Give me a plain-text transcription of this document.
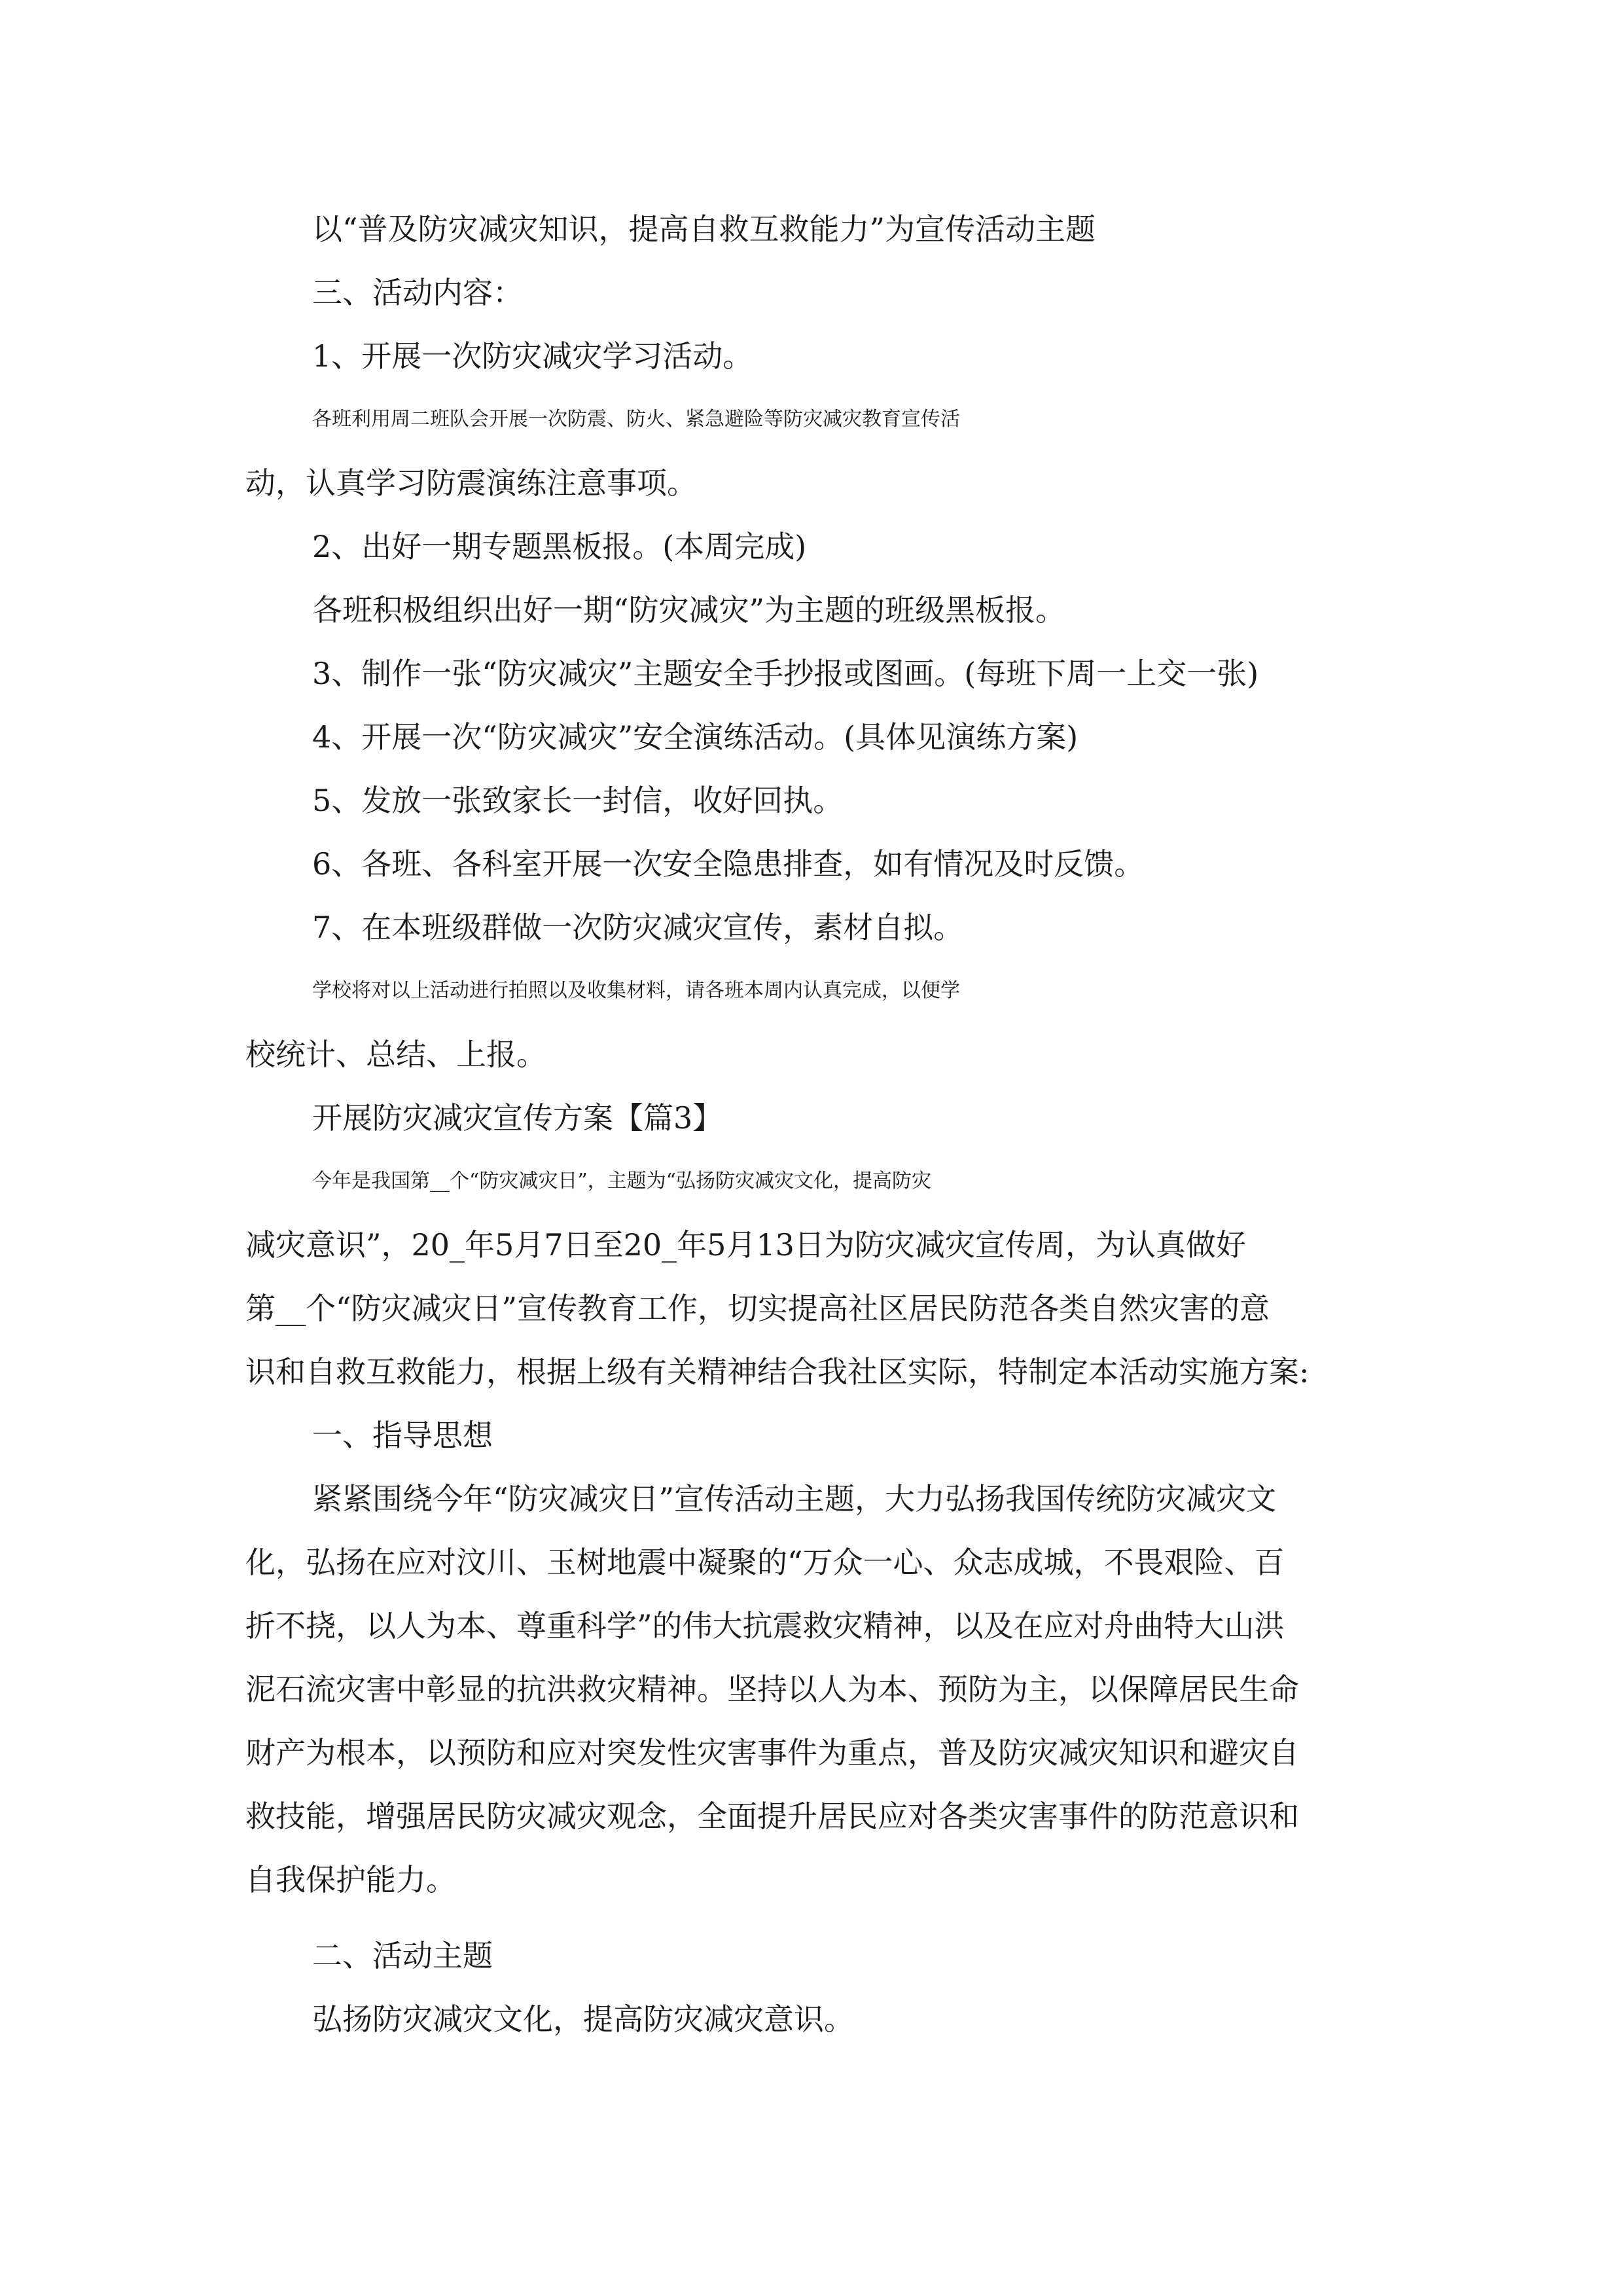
以“普及防灾减灾知识，提高自救互救能力”为宣传活动主题
三、活动内容：
1、开展一次防灾减灾学习活动。
各班利用周二班队会开展一次防震、防火、紧急避险等防灾减灾教育宣传活
动，认真学习防震演练注意事项。
2、出好一期专题黑板报。(本周完成)
各班积极组织出好一期“防灾减灾”为主题的班级黑板报。
3、制作一张“防灾减灾”主题安全手抄报或图画。(每班下周一上交一张)
4、开展一次“防灾减灾”安全演练活动。(具体见演练方案)
5、发放一张致家长一封信，收好回执。
6、各班、各科室开展一次安全隐患排查，如有情况及时反馈。
7、在本班级群做一次防灾减灾宣传，素材自拟。
学校将对以上活动进行拍照以及收集材料，请各班本周内认真完成，以便学
校统计、总结、上报。
开展防灾减灾宣传方案【篇3】
今年是我国第__个“防灾减灾日”，主题为“弘扬防灾减灾文化，提高防灾
减灾意识”，20_年5月7日至20_年5月13日为防灾减灾宣传周，为认真做好
第__个“防灾减灾日”宣传教育工作，切实提高社区居民防范各类自然灾害的意
识和自救互救能力，根据上级有关精神结合我社区实际，特制定本活动实施方案:
一、指导思想
紧紧围绕今年“防灾减灾日”宣传活动主题，大力弘扬我国传统防灾减灾文
化，弘扬在应对汶川、玉树地震中凝聚的“万众一心、众志成城，不畏艰险、百
折不挠，以人为本、尊重科学”的伟大抗震救灾精神，以及在应对舟曲特大山洪
泥石流灾害中彰显的抗洪救灾精神。坚持以人为本、预防为主，以保障居民生命
财产为根本，以预防和应对突发性灾害事件为重点，普及防灾减灾知识和避灾自
救技能，增强居民防灾减灾观念，全面提升居民应对各类灾害事件的防范意识和
自我保护能力。
二、活动主题
弘扬防灾减灾文化，提高防灾减灾意识。
